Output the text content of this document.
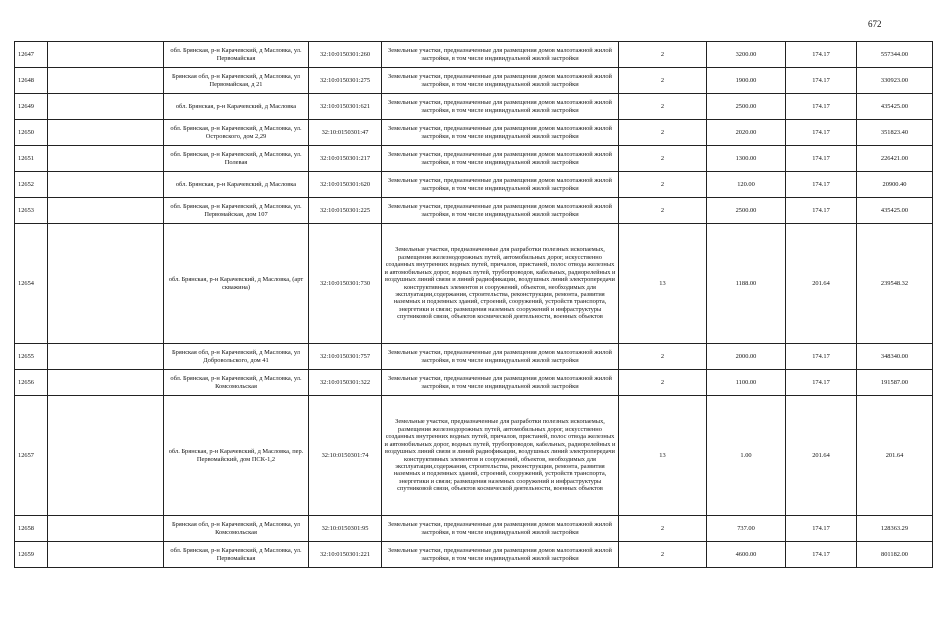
672
12647		обл. Брянская, р-н Карачевский, д Масловка, ул. Первомайская	32:10:0150301:260	Земельные участки, предназначенные для размещения домов малоэтажной жилой застройки, в том числе индивидуальной жилой застройки	2	3200.00	174.17	557344.00
12648		Брянская обл, р-н Карачевский, д Масловка, ул Первомайская, д 21	32:10:0150301:275	Земельные участки, предназначенные для размещения домов малоэтажной жилой застройки, в том числе индивидуальной жилой застройки	2	1900.00	174.17	330923.00
12649		обл. Брянская, р-н Карачевский, д Масловка	32:10:0150301:621	Земельные участки, предназначенные для размещения домов малоэтажной жилой застройки, в том числе индивидуальной жилой застройки	2	2500.00	174.17	435425.00
12650		обл. Брянская, р-н Карачевский, д Масловка, ул. Островского, дом 2,29	32:10:0150301:47	Земельные участки, предназначенные для размещения домов малоэтажной жилой застройки, в том числе индивидуальной жилой застройки	2	2020.00	174.17	351823.40
12651		обл. Брянская, р-н Карачевский, д Масловка, ул. Полевая	32:10:0150301:217	Земельные участки, предназначенные для размещения домов малоэтажной жилой застройки, в том числе индивидуальной жилой застройки	2	1300.00	174.17	226421.00
12652		обл. Брянская, р-н Карачевский, д Масловка	32:10:0150301:620	Земельные участки, предназначенные для размещения домов малоэтажной жилой застройки, в том числе индивидуальной жилой застройки	2	120.00	174.17	20900.40
12653		обл. Брянская, р-н Карачевский, д Масловка, ул. Первомайская, дом 107	32:10:0150301:225	Земельные участки, предназначенные для размещения домов малоэтажной жилой застройки, в том числе индивидуальной жилой застройки	2	2500.00	174.17	435425.00
12654		обл. Брянская, р-н Карачевский, д Масловка, (арт скважина)	32:10:0150301:730	Земельные участки, предназначенные для разработки полезных ископаемых, размещения железнодорожных путей, автомобильных дорог, искусственно созданных внутренних водных путей, причалов, пристаней, полос отвода железных и автомобильных дорог, водных путей, трубопроводов, кабельных, радиорелейных и воздушных линий связи и линий радиофикации, воздушных линий электропередачи конструктивных элементов и сооружений, объектов, необходимых для эксплуатации,содержания, строительства, реконструкции, ремонта, развития наземных и подземных зданий, строений, сооружений, устройств транспорта, энергетики и связи; размещения наземных сооружений и инфраструктуры спутниковой связи, объектов космической деятельности, военных объектов	13	1188.00	201.64	239548.32
12655		Брянская обл, р-н Карачевский, д Масловка, ул Добровольского, дом 41	32:10:0150301:757	Земельные участки, предназначенные для размещения домов малоэтажной жилой застройки, в том числе индивидуальной жилой застройки	2	2000.00	174.17	348340.00
12656		обл. Брянская, р-н Карачевский, д Масловка, ул. Комсомольская	32:10:0150301:322	Земельные участки, предназначенные для размещения домов малоэтажной жилой застройки, в том числе индивидуальной жилой застройки	2	1100.00	174.17	191587.00
12657		обл. Брянская, р-н Карачевский, д Масловка, пер. Первомайский, дом ПСК-1,2	32:10:0150301:74	Земельные участки, предназначенные для разработки полезных ископаемых, размещения железнодорожных путей, автомобильных дорог, искусственно созданных внутренних водных путей, причалов, пристаней, полос отвода железных и автомобильных дорог, водных путей, трубопроводов, кабельных, радиорелейных и воздушных линий связи и линий радиофикации, воздушных линий электропередачи конструктивных элементов и сооружений, объектов, необходимых для эксплуатации,содержания, строительства, реконструкции, ремонта, развития наземных и подземных зданий, строений, сооружений, устройств транспорта, энергетики и связи; размещения наземных сооружений и инфраструктуры спутниковой связи, объектов космической деятельности, военных объектов	13	1.00	201.64	201.64
12658		Брянская обл, р-н Карачевский, д Масловка, ул Комсомольская	32:10:0150301:95	Земельные участки, предназначенные для размещения домов малоэтажной жилой застройки, в том числе индивидуальной жилой застройки	2	737.00	174.17	128363.29
12659		обл. Брянская, р-н Карачевский, д Масловка, ул. Первомайская	32:10:0150301:221	Земельные участки, предназначенные для размещения домов малоэтажной жилой застройки, в том числе индивидуальной жилой застройки	2	4600.00	174.17	801182.00
